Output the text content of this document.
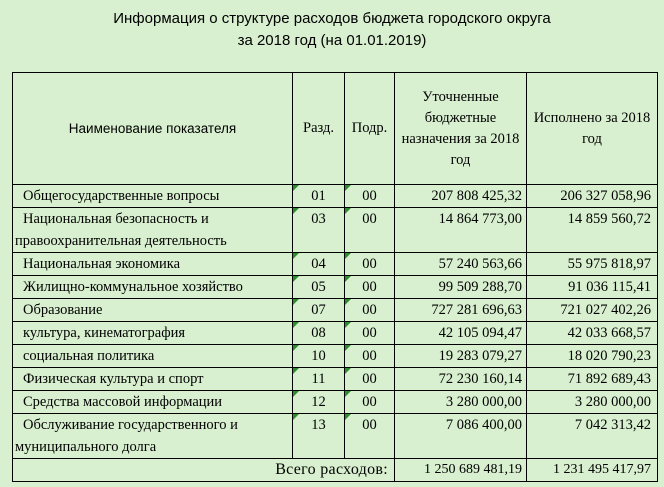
Информация о структуре расходов бюджета городского округа
за 2018 год (на 01.01.2019)
Наименование показателя	Разд.	Подр.	Уточненные бюджетные назначения за 2018 год	Исполнено за 2018 год
Общегосударственные вопросы	01	00	207 808 425,32	206 327 058,96
Национальная безопасность и
правоохранительная деятельность	03	00	14 864 773,00	14 859 560,72
Национальная экономика	04	00	57 240 563,66	55 975 818,97
Жилищно-коммунальное хозяйство	05	00	99 509 288,70	91 036 115,41
Образование	07	00	727 281 696,63	721 027 402,26
культура, кинематография	08	00	42 105 094,47	42 033 668,57
социальная политика	10	00	19 283 079,27	18 020 790,23
Физическая культура и спорт	11	00	72 230 160,14	71 892 689,43
Средства массовой информации	12	00	3 280 000,00	3 280 000,00
Обслуживание государственного и
муниципального долга	13	00	7 086 400,00	7 042 313,42
Всего расходов:			1 250 689 481,19	1 231 495 417,97
